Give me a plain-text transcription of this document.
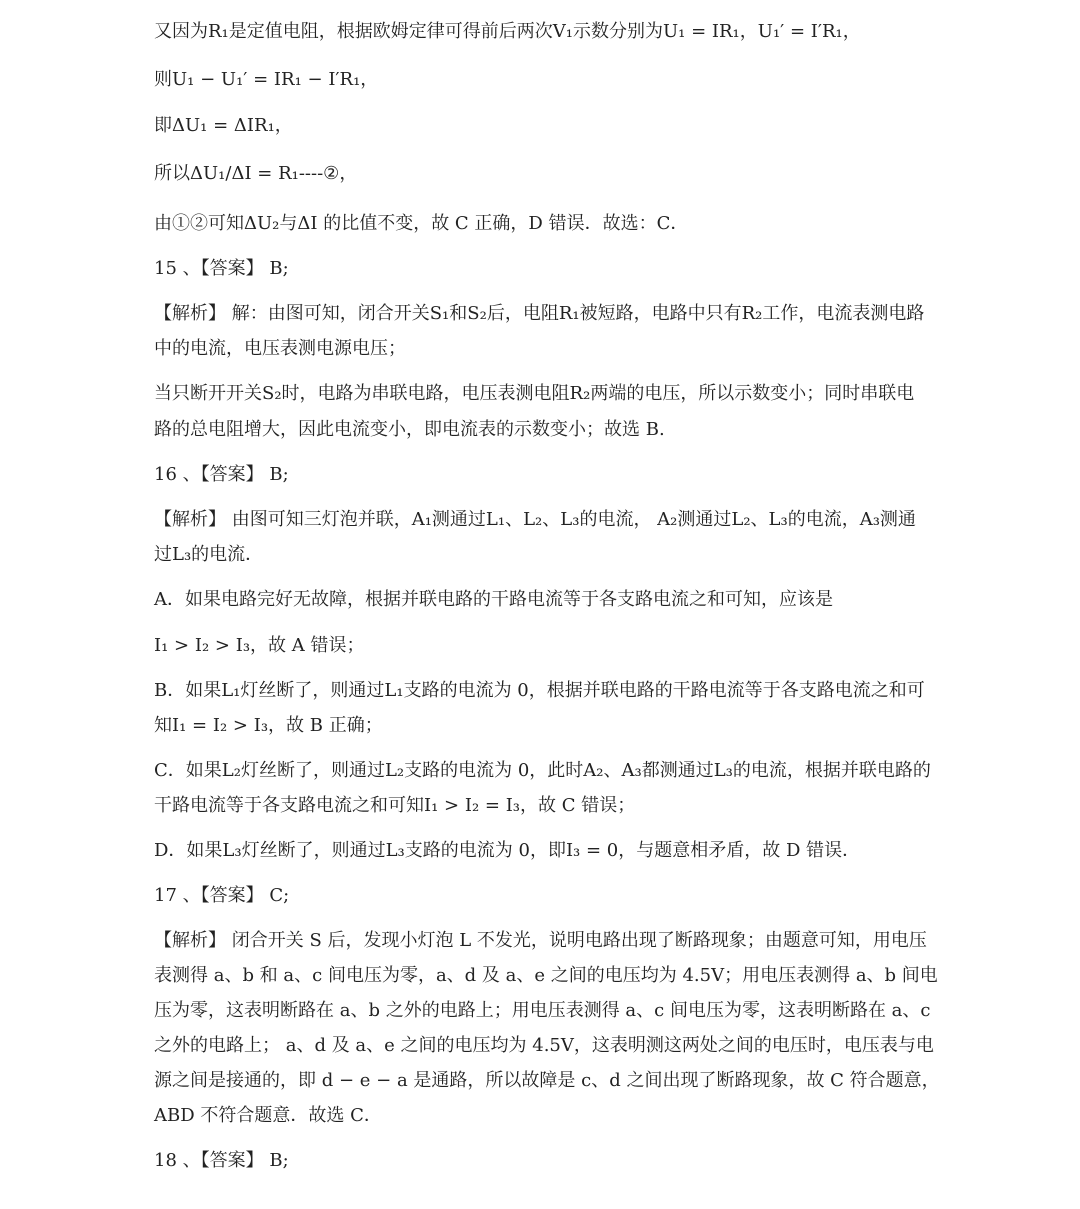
又因为R₁是定值电阻，根据欧姆定律可得前后两次V₁示数分别为U₁ = IR₁，U₁′ = I′R₁，
则U₁ − U₁′ = IR₁ − I′R₁，
即ΔU₁ = ΔIR₁，
所以ΔU₁/ΔI = R₁----②，
由①②可知ΔU₂与ΔI 的比值不变，故 C 正确，D 错误．故选：C．
15 、【答案】 B;
【解析】 解：由图可知，闭合开关S₁和S₂后，电阻R₁被短路，电路中只有R₂工作，电流表测电路
中的电流，电压表测电源电压；
当只断开开关S₂时，电路为串联电路，电压表测电阻R₂两端的电压，所以示数变小；同时串联电
路的总电阻增大，因此电流变小，即电流表的示数变小；故选 B.
16 、【答案】 B;
【解析】 由图可知三灯泡并联，A₁测通过L₁、L₂、L₃的电流， A₂测通过L₂、L₃的电流，A₃测通
过L₃的电流．
A．如果电路完好无故障，根据并联电路的干路电流等于各支路电流之和可知，应该是
I₁ > I₂ > I₃，故 A 错误；
B．如果L₁灯丝断了，则通过L₁支路的电流为 0，根据并联电路的干路电流等于各支路电流之和可
知I₁ = I₂ > I₃，故 B 正确；
C．如果L₂灯丝断了，则通过L₂支路的电流为 0，此时A₂、A₃都测通过L₃的电流，根据并联电路的
干路电流等于各支路电流之和可知I₁ > I₂ = I₃，故 C 错误；
D．如果L₃灯丝断了，则通过L₃支路的电流为 0，即I₃ = 0，与题意相矛盾，故 D 错误．
17 、【答案】 C;
【解析】 闭合开关 S 后，发现小灯泡 L 不发光，说明电路出现了断路现象；由题意可知，用电压
表测得 a、b 和 a、c 间电压为零，a、d 及 a、e 之间的电压均为 4.5V；用电压表测得 a、b 间电
压为零，这表明断路在 a、b 之外的电路上；用电压表测得 a、c 间电压为零，这表明断路在 a、c
之外的电路上； a、d 及 a、e 之间的电压均为 4.5V，这表明测这两处之间的电压时，电压表与电
源之间是接通的，即 d − e − a 是通路，所以故障是 c、d 之间出现了断路现象，故 C 符合题意，
ABD 不符合题意．故选 C．
18 、【答案】 B;
